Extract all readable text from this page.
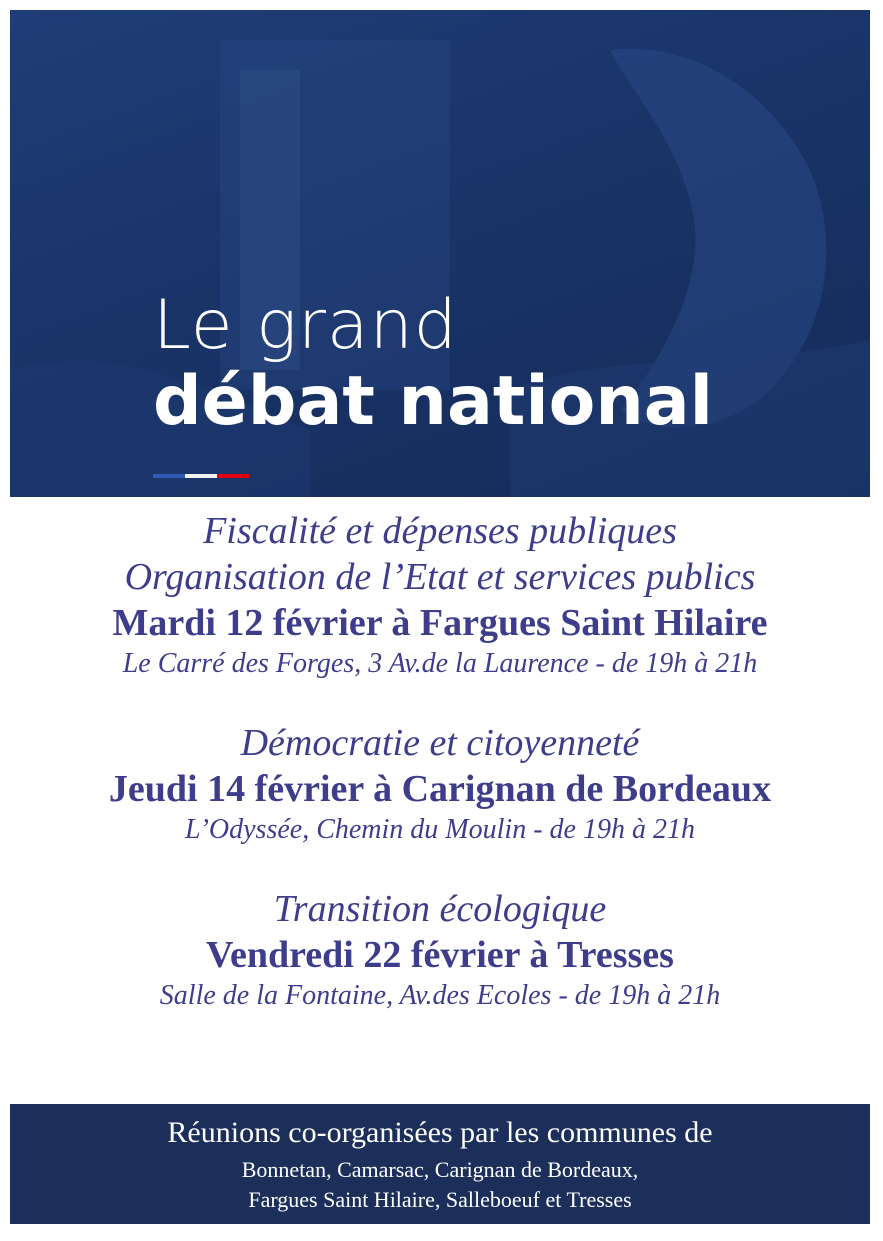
Le grand
débat national
Fiscalité et dépenses publiques
Organisation de l’Etat et services publics
Mardi 12 février à Fargues Saint Hilaire
Le Carré des Forges, 3 Av.de la Laurence - de 19h à 21h
Démocratie et citoyenneté
Jeudi 14 février à Carignan de Bordeaux
L’Odyssée, Chemin du Moulin - de 19h à 21h
Transition écologique
Vendredi 22 février à Tresses
Salle de la Fontaine, Av.des Ecoles - de 19h à 21h
Réunions co-organisées par les communes de
Bonnetan, Camarsac, Carignan de Bordeaux,
Fargues Saint Hilaire, Salleboeuf et Tresses
